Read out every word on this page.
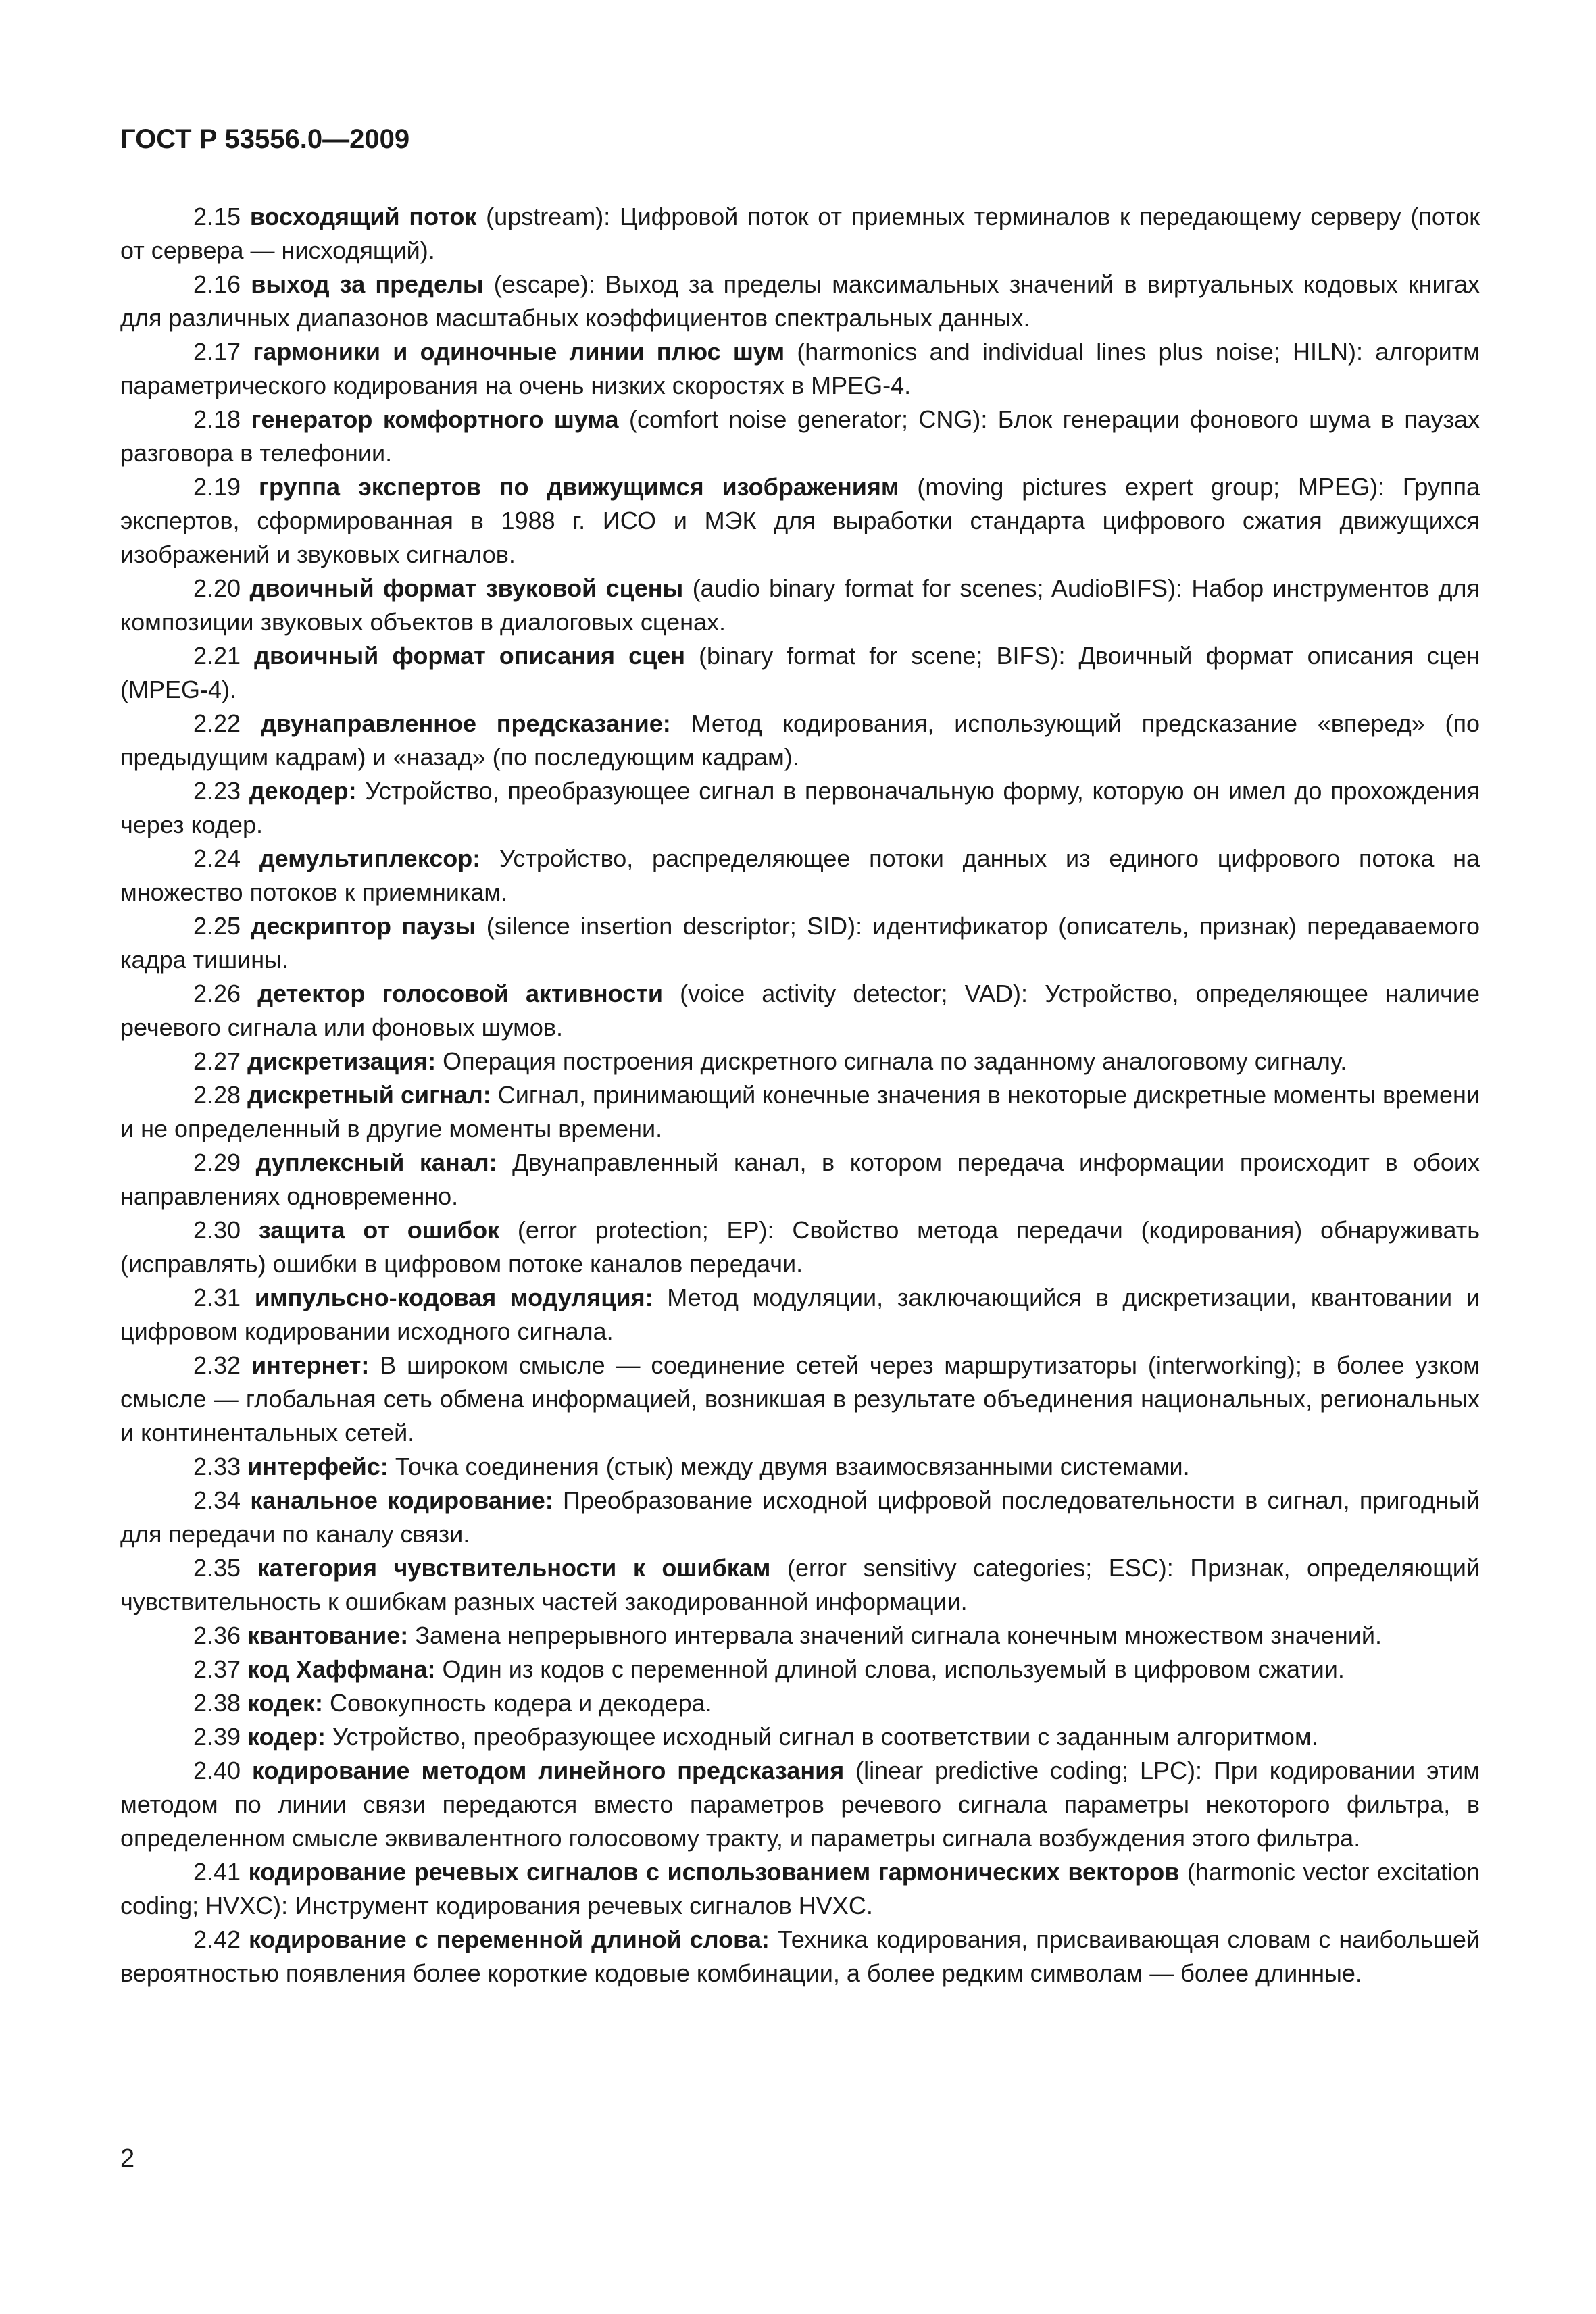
ГОСТ Р 53556.0—2009

2.15 восходящий поток (upstream): Цифровой поток от приемных терминалов к передающему серверу (поток от сервера — нисходящий).

2.16 выход за пределы (escape): Выход за пределы максимальных значений в виртуальных кодовых книгах для различных диапазонов масштабных коэффициентов спектральных данных.

2.17 гармоники и одиночные линии плюс шум (harmonics and individual lines plus noise; HILN): алгоритм параметрического кодирования на очень низких скоростях в MPEG-4.

2.18 генератор комфортного шума (comfort noise generator; CNG): Блок генерации фонового шума в паузах разговора в телефонии.

2.19 группа экспертов по движущимся изображениям (moving pictures expert group; MPEG): Группа экспертов, сформированная в 1988 г. ИСО и МЭК для выработки стандарта цифрового сжатия движущихся изображений и звуковых сигналов.

2.20 двоичный формат звуковой сцены (audio binary format for scenes; AudioBIFS): Набор инструментов для композиции звуковых объектов в диалоговых сценах.

2.21 двоичный формат описания сцен (binary format for scene; BIFS): Двоичный формат описания сцен (MPEG-4).

2.22 двунаправленное предсказание: Метод кодирования, использующий предсказание «вперед» (по предыдущим кадрам) и «назад» (по последующим кадрам).

2.23 декодер: Устройство, преобразующее сигнал в первоначальную форму, которую он имел до прохождения через кодер.

2.24 демультиплексор: Устройство, распределяющее потоки данных из единого цифрового потока на множество потоков к приемникам.

2.25 дескриптор паузы (silence insertion descriptor; SID): идентификатор (описатель, признак) передаваемого кадра тишины.

2.26 детектор голосовой активности (voice activity detector; VAD): Устройство, определяющее наличие речевого сигнала или фоновых шумов.

2.27 дискретизация: Операция построения дискретного сигнала по заданному аналоговому сигналу.

2.28 дискретный сигнал: Сигнал, принимающий конечные значения в некоторые дискретные моменты времени и не определенный в другие моменты времени.

2.29 дуплексный канал: Двунаправленный канал, в котором передача информации происходит в обоих направлениях одновременно.

2.30 защита от ошибок (error protection; EP): Свойство метода передачи (кодирования) обнаруживать (исправлять) ошибки в цифровом потоке каналов передачи.

2.31 импульсно-кодовая модуляция: Метод модуляции, заключающийся в дискретизации, квантовании и цифровом кодировании исходного сигнала.

2.32 интернет: В широком смысле — соединение сетей через маршрутизаторы (interworking); в более узком смысле — глобальная сеть обмена информацией, возникшая в результате объединения национальных, региональных и континентальных сетей.

2.33 интерфейс: Точка соединения (стык) между двумя взаимосвязанными системами.

2.34 канальное кодирование: Преобразование исходной цифровой последовательности в сигнал, пригодный для передачи по каналу связи.

2.35 категория чувствительности к ошибкам (error sensitivy categories; ESC): Признак, определяющий чувствительность к ошибкам разных частей закодированной информации.

2.36 квантование: Замена непрерывного интервала значений сигнала конечным множеством значений.

2.37 код Хаффмана: Один из кодов с переменной длиной слова, используемый в цифровом сжатии.

2.38 кодек: Совокупность кодера и декодера.

2.39 кодер: Устройство, преобразующее исходный сигнал в соответствии с заданным алгоритмом.

2.40 кодирование методом линейного предсказания (linear predictive coding; LPC): При кодировании этим методом по линии связи передаются вместо параметров речевого сигнала параметры некоторого фильтра, в определенном смысле эквивалентного голосовому тракту, и параметры сигнала возбуждения этого фильтра.

2.41 кодирование речевых сигналов с использованием гармонических векторов (harmonic vector excitation coding; HVXC): Инструмент кодирования речевых сигналов HVXC.

2.42 кодирование с переменной длиной слова: Техника кодирования, присваивающая словам с наибольшей вероятностью появления более короткие кодовые комбинации, а более редким символам — более длинные.

2
